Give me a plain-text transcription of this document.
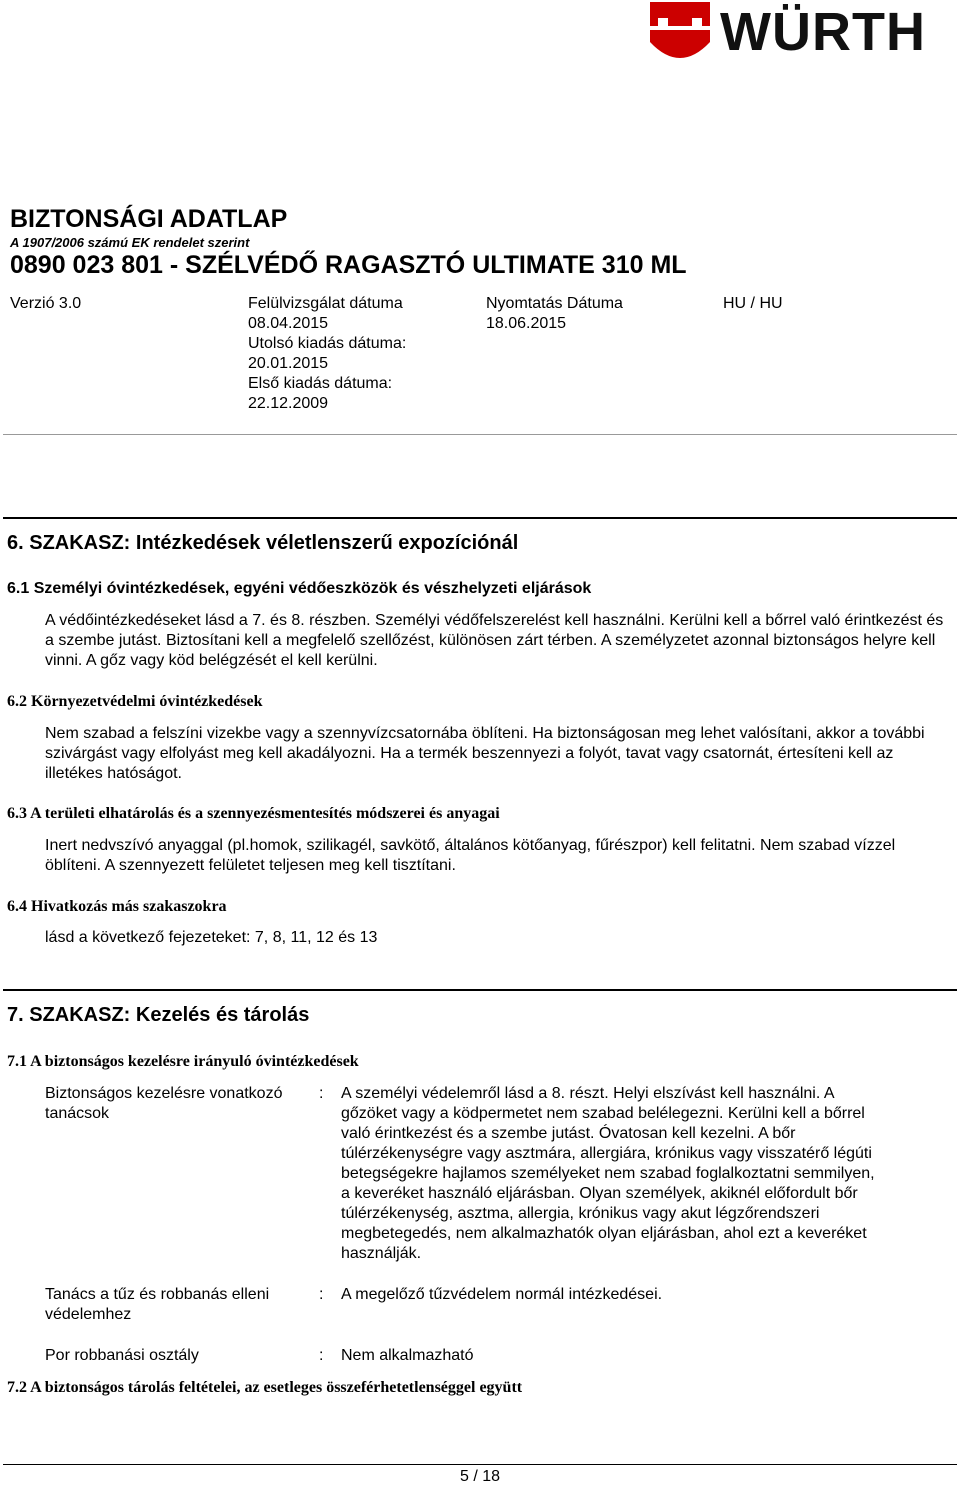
WÜRTH
BIZTONSÁGI ADATLAP
A 1907/2006 számú EK rendelet szerint
0890 023 801 - SZÉLVÉDŐ RAGASZTÓ ULTIMATE 310 ML
Verzió 3.0	Felülvizsgálat dátuma
08.04.2015
Utolsó kiadás dátuma:
20.01.2015
Első kiadás dátuma:
22.12.2009
Nyomtatás Dátuma
18.06.2015
HU / HU
6. SZAKASZ: Intézkedések véletlenszerű expozíciónál
6.1 Személyi óvintézkedések, egyéni védőeszközök és vészhelyzeti eljárások
A védőintézkedéseket lásd a 7. és 8. részben. Személyi védőfelszerelést kell használni. Kerülni kell a bőrrel való érintkezést és a szembe jutást. Biztosítani kell a megfelelő szellőzést, különösen zárt térben. A személyzetet azonnal biztonságos helyre kell vinni. A gőz vagy köd belégzését el kell kerülni.
6.2 Környezetvédelmi óvintézkedések
Nem szabad a felszíni vizekbe vagy a szennyvízcsatornába öblíteni. Ha biztonságosan meg lehet valósítani, akkor a további szivárgást vagy elfolyást meg kell akadályozni. Ha a termék beszennyezi a folyót, tavat vagy csatornát, értesíteni kell az illetékes hatóságot.
6.3 A területi elhatárolás és a szennyezésmentesítés módszerei és anyagai
Inert nedvszívó anyaggal (pl.homok, szilikagél, savkötő, általános kötőanyag, fűrészpor) kell felitatni. Nem szabad vízzel öblíteni. A szennyezett felületet teljesen meg kell tisztítani.
6.4 Hivatkozás más szakaszokra
lásd a következő fejezeteket: 7, 8, 11, 12 és 13
7. SZAKASZ: Kezelés és tárolás
7.1 A biztonságos kezelésre irányuló óvintézkedések
Biztonságos kezelésre vonatkozó tanácsok
: A személyi védelemről lásd a 8. részt. Helyi elszívást kell használni. A gőzöket vagy a ködpermetet nem szabad belélegezni. Kerülni kell a bőrrel való érintkezést és a szembe jutást. Óvatosan kell kezelni. A bőr túlérzékenységre vagy asztmára, allergiára, krónikus vagy visszatérő légúti betegségekre hajlamos személyeket nem szabad foglalkoztatni semmilyen, a keveréket használó eljárásban. Olyan személyek, akiknél előfordult bőr túlérzékenység, asztma, allergia, krónikus vagy akut légzőrendszeri megbetegedés, nem alkalmazhatók olyan eljárásban, ahol ezt a keveréket használják.
Tanács a tűz és robbanás elleni védelemhez
: A megelőző tűzvédelem normál intézkedései.
Por robbanási osztály	: Nem alkalmazható
7.2 A biztonságos tárolás feltételei, az esetleges összeférhetetlenséggel együtt
5 / 18
